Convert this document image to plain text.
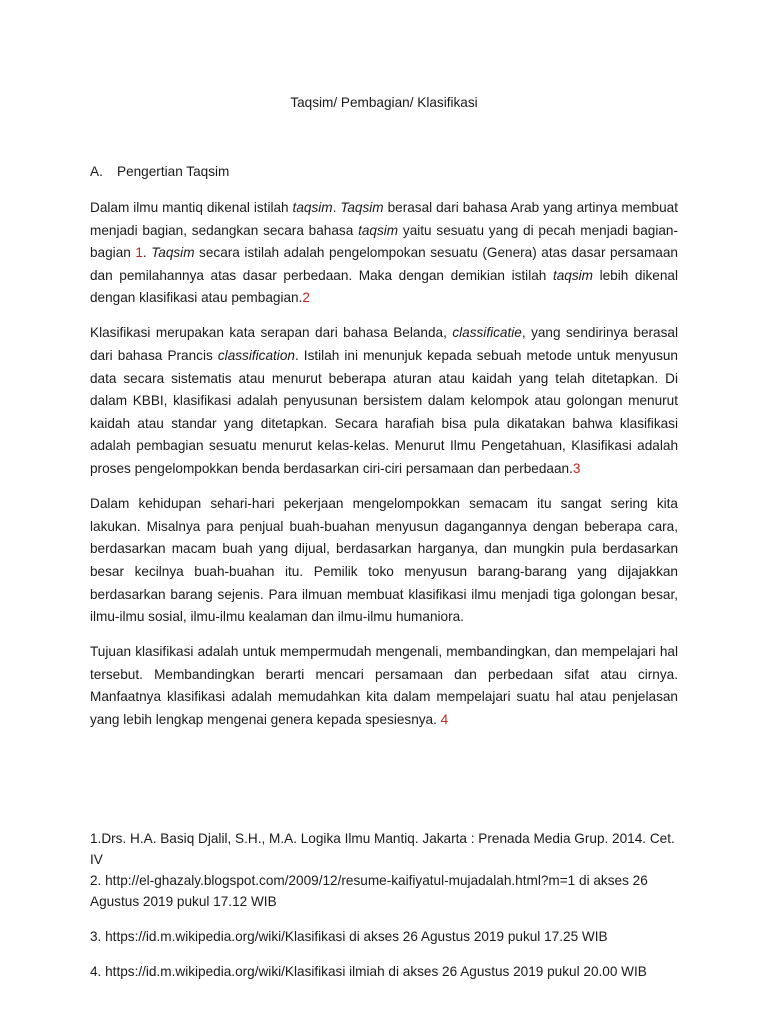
Taqsim/ Pembagian/ Klasifikasi
A. Pengertian Taqsim

Dalam ilmu mantiq dikenal istilah taqsim. Taqsim berasal dari bahasa Arab yang artinya membuat menjadi bagian, sedangkan secara bahasa taqsim yaitu sesuatu yang di pecah menjadi bagian-bagian 1. Taqsim secara istilah adalah pengelompokan sesuatu (Genera) atas dasar persamaan dan pemilahannya atas dasar perbedaan. Maka dengan demikian istilah taqsim lebih dikenal dengan klasifikasi atau pembagian.2

Klasifikasi merupakan kata serapan dari bahasa Belanda, classificatie, yang sendirinya berasal dari bahasa Prancis classification. Istilah ini menunjuk kepada sebuah metode untuk menyusun data secara sistematis atau menurut beberapa aturan atau kaidah yang telah ditetapkan. Di dalam KBBI, klasifikasi adalah penyusunan bersistem dalam kelompok atau golongan menurut kaidah atau standar yang ditetapkan. Secara harafiah bisa pula dikatakan bahwa klasifikasi adalah pembagian sesuatu menurut kelas-kelas. Menurut Ilmu Pengetahuan, Klasifikasi adalah proses pengelompokkan benda berdasarkan ciri-ciri persamaan dan perbedaan.3

Dalam kehidupan sehari-hari pekerjaan mengelompokkan semacam itu sangat sering kita lakukan. Misalnya para penjual buah-buahan menyusun dagangannya dengan beberapa cara, berdasarkan macam buah yang dijual, berdasarkan harganya, dan mungkin pula berdasarkan besar kecilnya buah-buahan itu. Pemilik toko menyusun barang-barang yang dijajakkan berdasarkan barang sejenis. Para ilmuan membuat klasifikasi ilmu menjadi tiga golongan besar, ilmu-ilmu sosial, ilmu-ilmu kealaman dan ilmu-ilmu humaniora.

Tujuan klasifikasi adalah untuk mempermudah mengenali, membandingkan, dan mempelajari hal tersebut. Membandingkan berarti mencari persamaan dan perbedaan sifat atau cirnya. Manfaatnya klasifikasi adalah memudahkan kita dalam mempelajari suatu hal atau penjelasan yang lebih lengkap mengenai genera kepada spesiesnya. 4

1.Drs. H.A. Basiq Djalil, S.H., M.A. Logika Ilmu Mantiq. Jakarta : Prenada Media Grup. 2014. Cet. IV

2. http://el-ghazaly.blogspot.com/2009/12/resume-kaifiyatul-mujadalah.html?m=1 di akses 26 Agustus 2019 pukul 17.12 WIB

3. https://id.m.wikipedia.org/wiki/Klasifikasi di akses 26 Agustus 2019 pukul 17.25 WIB

4. https://id.m.wikipedia.org/wiki/Klasifikasi ilmiah di akses 26 Agustus 2019 pukul 20.00 WIB
